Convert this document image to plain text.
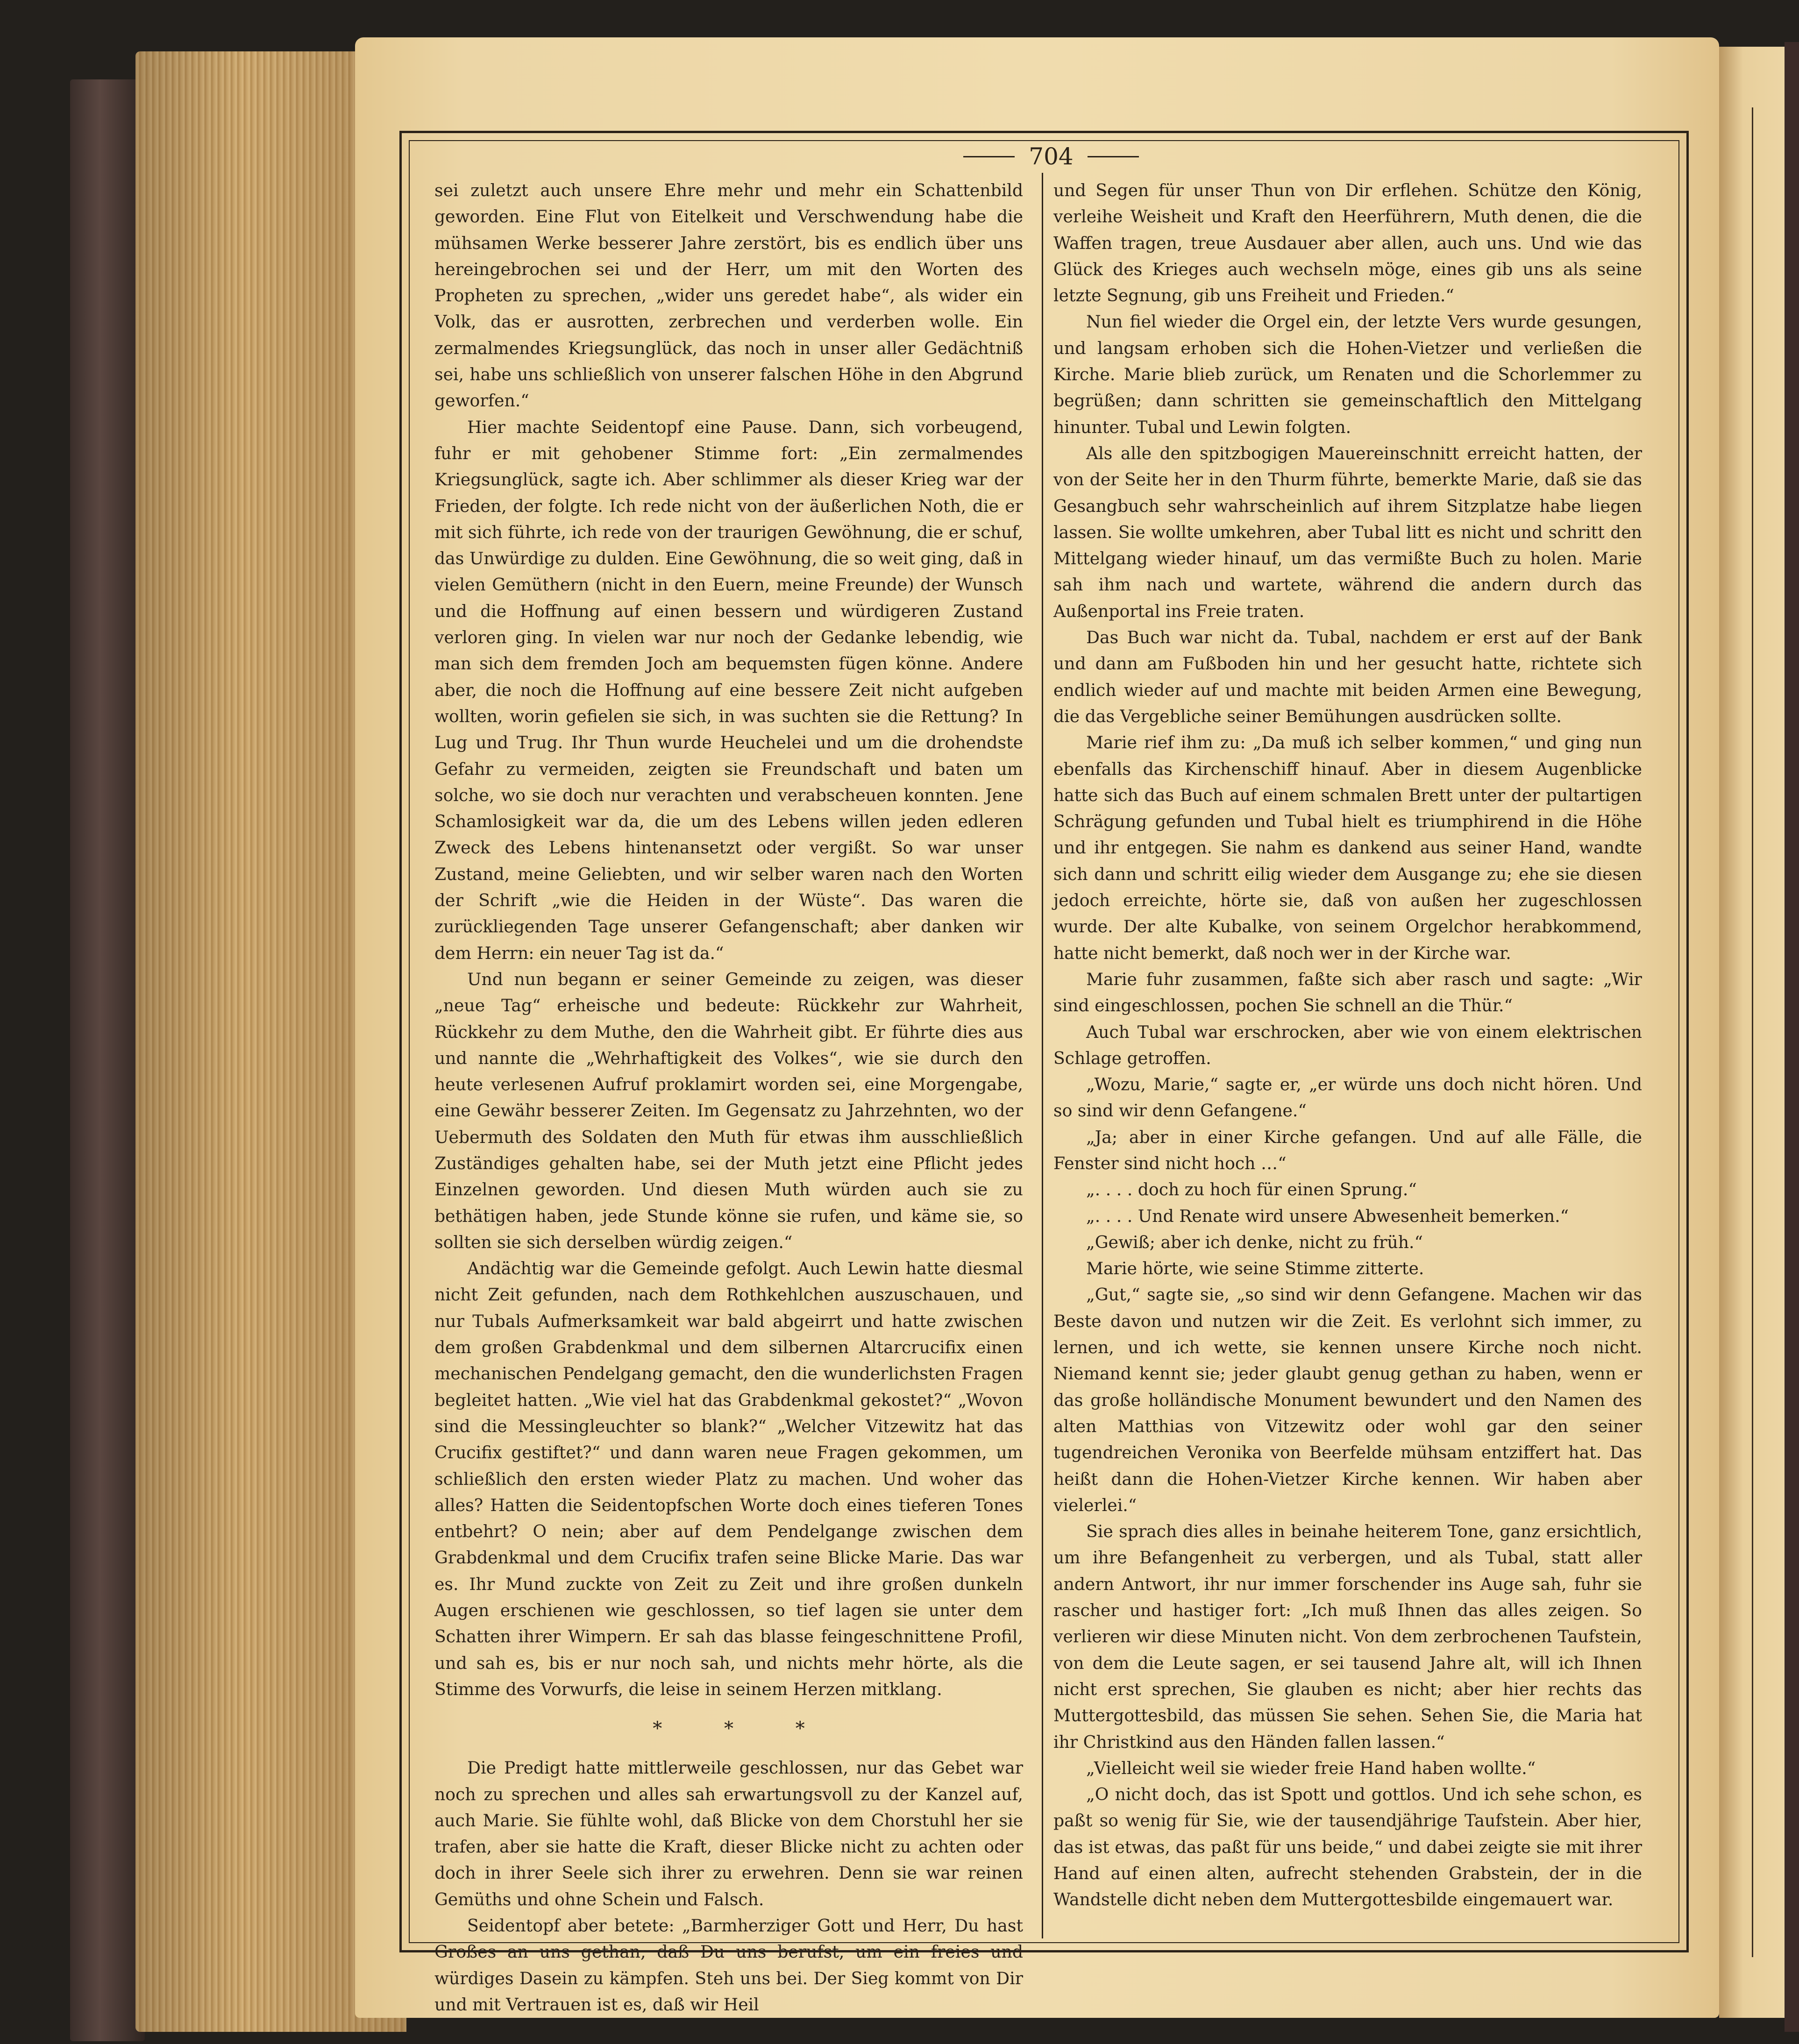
704

sei zuletzt auch unsere Ehre mehr und mehr ein Schattenbild geworden. Eine Flut von Eitelkeit und Verschwendung habe die mühsamen Werke besserer Jahre zerstört, bis es endlich über uns hereingebrochen sei und der Herr, um mit den Worten des Propheten zu sprechen, „wider uns geredet habe“, als wider ein Volk, das er ausrotten, zerbrechen und verderben wolle. Ein zermalmendes Kriegsunglück, das noch in unser aller Gedächtniß sei, habe uns schließlich von unserer falschen Höhe in den Abgrund geworfen.“

Hier machte Seidentopf eine Pause. Dann, sich vorbeugend, fuhr er mit gehobener Stimme fort: „Ein zermalmendes Kriegsunglück, sagte ich. Aber schlimmer als dieser Krieg war der Frieden, der folgte. Ich rede nicht von der äußerlichen Noth, die er mit sich führte, ich rede von der traurigen Gewöhnung, die er schuf, das Unwürdige zu dulden. Eine Gewöhnung, die so weit ging, daß in vielen Gemüthern (nicht in den Euern, meine Freunde) der Wunsch und die Hoffnung auf einen bessern und würdigeren Zustand verloren ging. In vielen war nur noch der Gedanke lebendig, wie man sich dem fremden Joch am bequemsten fügen könne. Andere aber, die noch die Hoffnung auf eine bessere Zeit nicht aufgeben wollten, worin gefielen sie sich, in was suchten sie die Rettung? In Lug und Trug. Ihr Thun wurde Heuchelei und um die drohendste Gefahr zu vermeiden, zeigten sie Freundschaft und baten um solche, wo sie doch nur verachten und verabscheuen konnten. Jene Schamlosigkeit war da, die um des Lebens willen jeden edleren Zweck des Lebens hintenansetzt oder vergißt. So war unser Zustand, meine Geliebten, und wir selber waren nach den Worten der Schrift „wie die Heiden in der Wüste“. Das waren die zurückliegenden Tage unserer Gefangenschaft; aber danken wir dem Herrn: ein neuer Tag ist da.“

Und nun begann er seiner Gemeinde zu zeigen, was dieser „neue Tag“ erheische und bedeute: Rückkehr zur Wahrheit, Rückkehr zu dem Muthe, den die Wahrheit gibt. Er führte dies aus und nannte die „Wehrhaftigkeit des Volkes“, wie sie durch den heute verlesenen Aufruf proklamirt worden sei, eine Morgengabe, eine Gewähr besserer Zeiten. Im Gegensatz zu Jahrzehnten, wo der Uebermuth des Soldaten den Muth für etwas ihm ausschließlich Zuständiges gehalten habe, sei der Muth jetzt eine Pflicht jedes Einzelnen geworden. Und diesen Muth würden auch sie zu bethätigen haben, jede Stunde könne sie rufen, und käme sie, so sollten sie sich derselben würdig zeigen.“

Andächtig war die Gemeinde gefolgt. Auch Lewin hatte diesmal nicht Zeit gefunden, nach dem Rothkehlchen auszuschauen, und nur Tubals Aufmerksamkeit war bald abgeirrt und hatte zwischen dem großen Grabdenkmal und dem silbernen Altarcrucifix einen mechanischen Pendelgang gemacht, den die wunderlichsten Fragen begleitet hatten. „Wie viel hat das Grabdenkmal gekostet?“ „Wovon sind die Messingleuchter so blank?“ „Welcher Vitzewitz hat das Crucifix gestiftet?“ und dann waren neue Fragen gekommen, um schließlich den ersten wieder Platz zu machen. Und woher das alles? Hatten die Seidentopfschen Worte doch eines tieferen Tones entbehrt? O nein; aber auf dem Pendelgange zwischen dem Grabdenkmal und dem Crucifix trafen seine Blicke Marie. Das war es. Ihr Mund zuckte von Zeit zu Zeit und ihre großen dunkeln Augen erschienen wie geschlossen, so tief lagen sie unter dem Schatten ihrer Wimpern. Er sah das blasse feingeschnittene Profil, und sah es, bis er nur noch sah, und nichts mehr hörte, als die Stimme des Vorwurfs, die leise in seinem Herzen mitklang.

* * *

Die Predigt hatte mittlerweile geschlossen, nur das Gebet war noch zu sprechen und alles sah erwartungsvoll zu der Kanzel auf, auch Marie. Sie fühlte wohl, daß Blicke von dem Chorstuhl her sie trafen, aber sie hatte die Kraft, dieser Blicke nicht zu achten oder doch in ihrer Seele sich ihrer zu erwehren. Denn sie war reinen Gemüths und ohne Schein und Falsch.

Seidentopf aber betete: „Barmherziger Gott und Herr, Du hast Großes an uns gethan, daß Du uns berufst, um ein freies und würdiges Dasein zu kämpfen. Steh uns bei. Der Sieg kommt von Dir und mit Vertrauen ist es, daß wir Heil

und Segen für unser Thun von Dir erflehen. Schütze den König, verleihe Weisheit und Kraft den Heerführern, Muth denen, die die Waffen tragen, treue Ausdauer aber allen, auch uns. Und wie das Glück des Krieges auch wechseln möge, eines gib uns als seine letzte Segnung, gib uns Freiheit und Frieden.“

Nun fiel wieder die Orgel ein, der letzte Vers wurde gesungen, und langsam erhoben sich die Hohen-Vietzer und verließen die Kirche. Marie blieb zurück, um Renaten und die Schorlemmer zu begrüßen; dann schritten sie gemeinschaftlich den Mittelgang hinunter. Tubal und Lewin folgten.

Als alle den spitzbogigen Mauereinschnitt erreicht hatten, der von der Seite her in den Thurm führte, bemerkte Marie, daß sie das Gesangbuch sehr wahrscheinlich auf ihrem Sitzplatze habe liegen lassen. Sie wollte umkehren, aber Tubal litt es nicht und schritt den Mittelgang wieder hinauf, um das vermißte Buch zu holen. Marie sah ihm nach und wartete, während die andern durch das Außenportal ins Freie traten.

Das Buch war nicht da. Tubal, nachdem er erst auf der Bank und dann am Fußboden hin und her gesucht hatte, richtete sich endlich wieder auf und machte mit beiden Armen eine Bewegung, die das Vergebliche seiner Bemühungen ausdrücken sollte.

Marie rief ihm zu: „Da muß ich selber kommen,“ und ging nun ebenfalls das Kirchenschiff hinauf. Aber in diesem Augenblicke hatte sich das Buch auf einem schmalen Brett unter der pultartigen Schrägung gefunden und Tubal hielt es triumphirend in die Höhe und ihr entgegen. Sie nahm es dankend aus seiner Hand, wandte sich dann und schritt eilig wieder dem Ausgange zu; ehe sie diesen jedoch erreichte, hörte sie, daß von außen her zugeschlossen wurde. Der alte Kubalke, von seinem Orgelchor herabkommend, hatte nicht bemerkt, daß noch wer in der Kirche war.

Marie fuhr zusammen, faßte sich aber rasch und sagte: „Wir sind eingeschlossen, pochen Sie schnell an die Thür.“

Auch Tubal war erschrocken, aber wie von einem elektrischen Schlage getroffen.

„Wozu, Marie,“ sagte er, „er würde uns doch nicht hören. Und so sind wir denn Gefangene.“

„Ja; aber in einer Kirche gefangen. Und auf alle Fälle, die Fenster sind nicht hoch …“

„. . . . doch zu hoch für einen Sprung.“

„. . . . Und Renate wird unsere Abwesenheit bemerken.“

„Gewiß; aber ich denke, nicht zu früh.“

Marie hörte, wie seine Stimme zitterte.

„Gut,“ sagte sie, „so sind wir denn Gefangene. Machen wir das Beste davon und nutzen wir die Zeit. Es verlohnt sich immer, zu lernen, und ich wette, sie kennen unsere Kirche noch nicht. Niemand kennt sie; jeder glaubt genug gethan zu haben, wenn er das große holländische Monument bewundert und den Namen des alten Matthias von Vitzewitz oder wohl gar den seiner tugendreichen Veronika von Beerfelde mühsam entziffert hat. Das heißt dann die Hohen-Vietzer Kirche kennen. Wir haben aber vielerlei.“

Sie sprach dies alles in beinahe heiterem Tone, ganz ersichtlich, um ihre Befangenheit zu verbergen, und als Tubal, statt aller andern Antwort, ihr nur immer forschender ins Auge sah, fuhr sie rascher und hastiger fort: „Ich muß Ihnen das alles zeigen. So verlieren wir diese Minuten nicht. Von dem zerbrochenen Taufstein, von dem die Leute sagen, er sei tausend Jahre alt, will ich Ihnen nicht erst sprechen, Sie glauben es nicht; aber hier rechts das Muttergottesbild, das müssen Sie sehen. Sehen Sie, die Maria hat ihr Christkind aus den Händen fallen lassen.“

„Vielleicht weil sie wieder freie Hand haben wollte.“

„O nicht doch, das ist Spott und gottlos. Und ich sehe schon, es paßt so wenig für Sie, wie der tausendjährige Taufstein. Aber hier, das ist etwas, das paßt für uns beide,“ und dabei zeigte sie mit ihrer Hand auf einen alten, aufrecht stehenden Grabstein, der in die Wandstelle dicht neben dem Muttergottesbilde eingemauert war.
